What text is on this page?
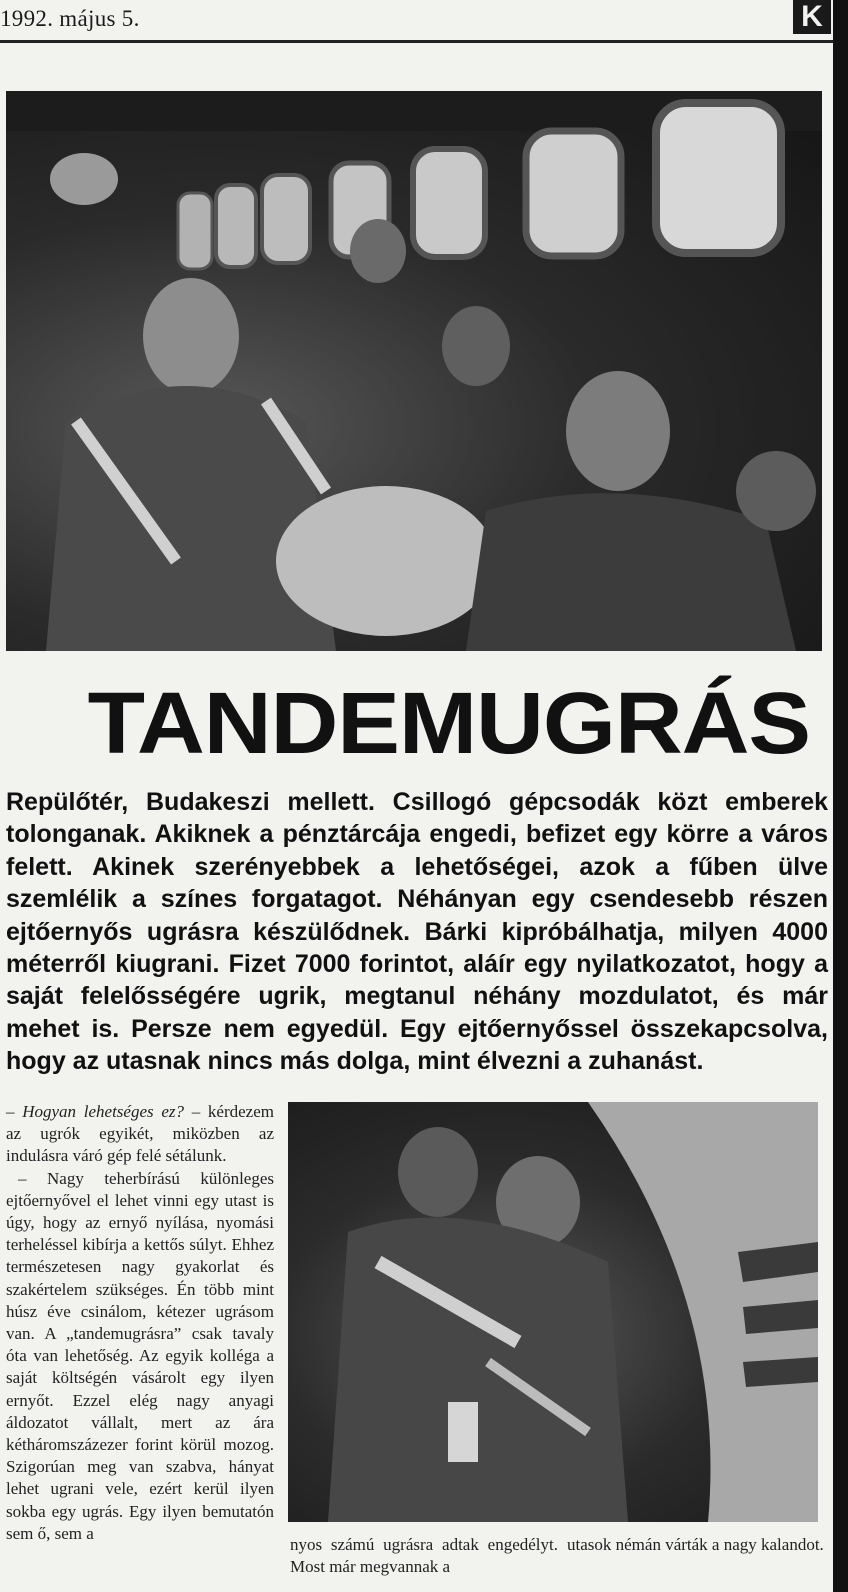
1992. május 5.	K
TANDEMUGRÁS
Repülőtér, Budakeszi mellett. Csillogó gépcsodák közt emberek tolonganak. Akiknek a pénztárcája engedi, befizet egy körre a város felett. Akinek szerényebbek a lehetőségei, azok a fűben ülve szemlélik a színes forgatagot. Néhányan egy csendesebb részen ejtőernyős ugrásra készülődnek. Bárki kipróbálhatja, milyen 4000 méterről kiugrani. Fizet 7000 forintot, aláír egy nyilatkozatot, hogy a saját felelősségére ugrik, megtanul néhány mozdulatot, és már mehet is. Persze nem egyedül. Egy ejtőernyőssel összekapcsolva, hogy az utasnak nincs más dolga, mint élvezni a zuhanást.

– Hogyan lehetséges ez? – kérdezem az ugrók egyikét, miközben az indulásra váró gép felé sétálunk.

– Nagy teherbírású különleges ejtőernyővel el lehet vinni egy utast is úgy, hogy az ernyő nyílása, nyomási terheléssel kibírja a kettős súlyt. Ehhez természetesen nagy gyakorlat és szakértelem szükséges. Én több mint húsz éve csinálom, kétezer ugrásom van. A „tandemugrásra” csak tavaly óta van lehetőség. Az egyik kolléga a saját költségén vásárolt egy ilyen ernyőt. Ezzel elég nagy anyagi áldozatot vállalt, mert az ára kétháromszázezer forint körül mozog. Szigorúan meg van szabva, hányat lehet ugrani vele, ezért kerül ilyen sokba egy ugrás. Egy ilyen bemutatón sem ő, sem a

nyos számú ugrásra adtak engedélyt. Most már megvannak a
utasok némán várták a nagy kalandot.
